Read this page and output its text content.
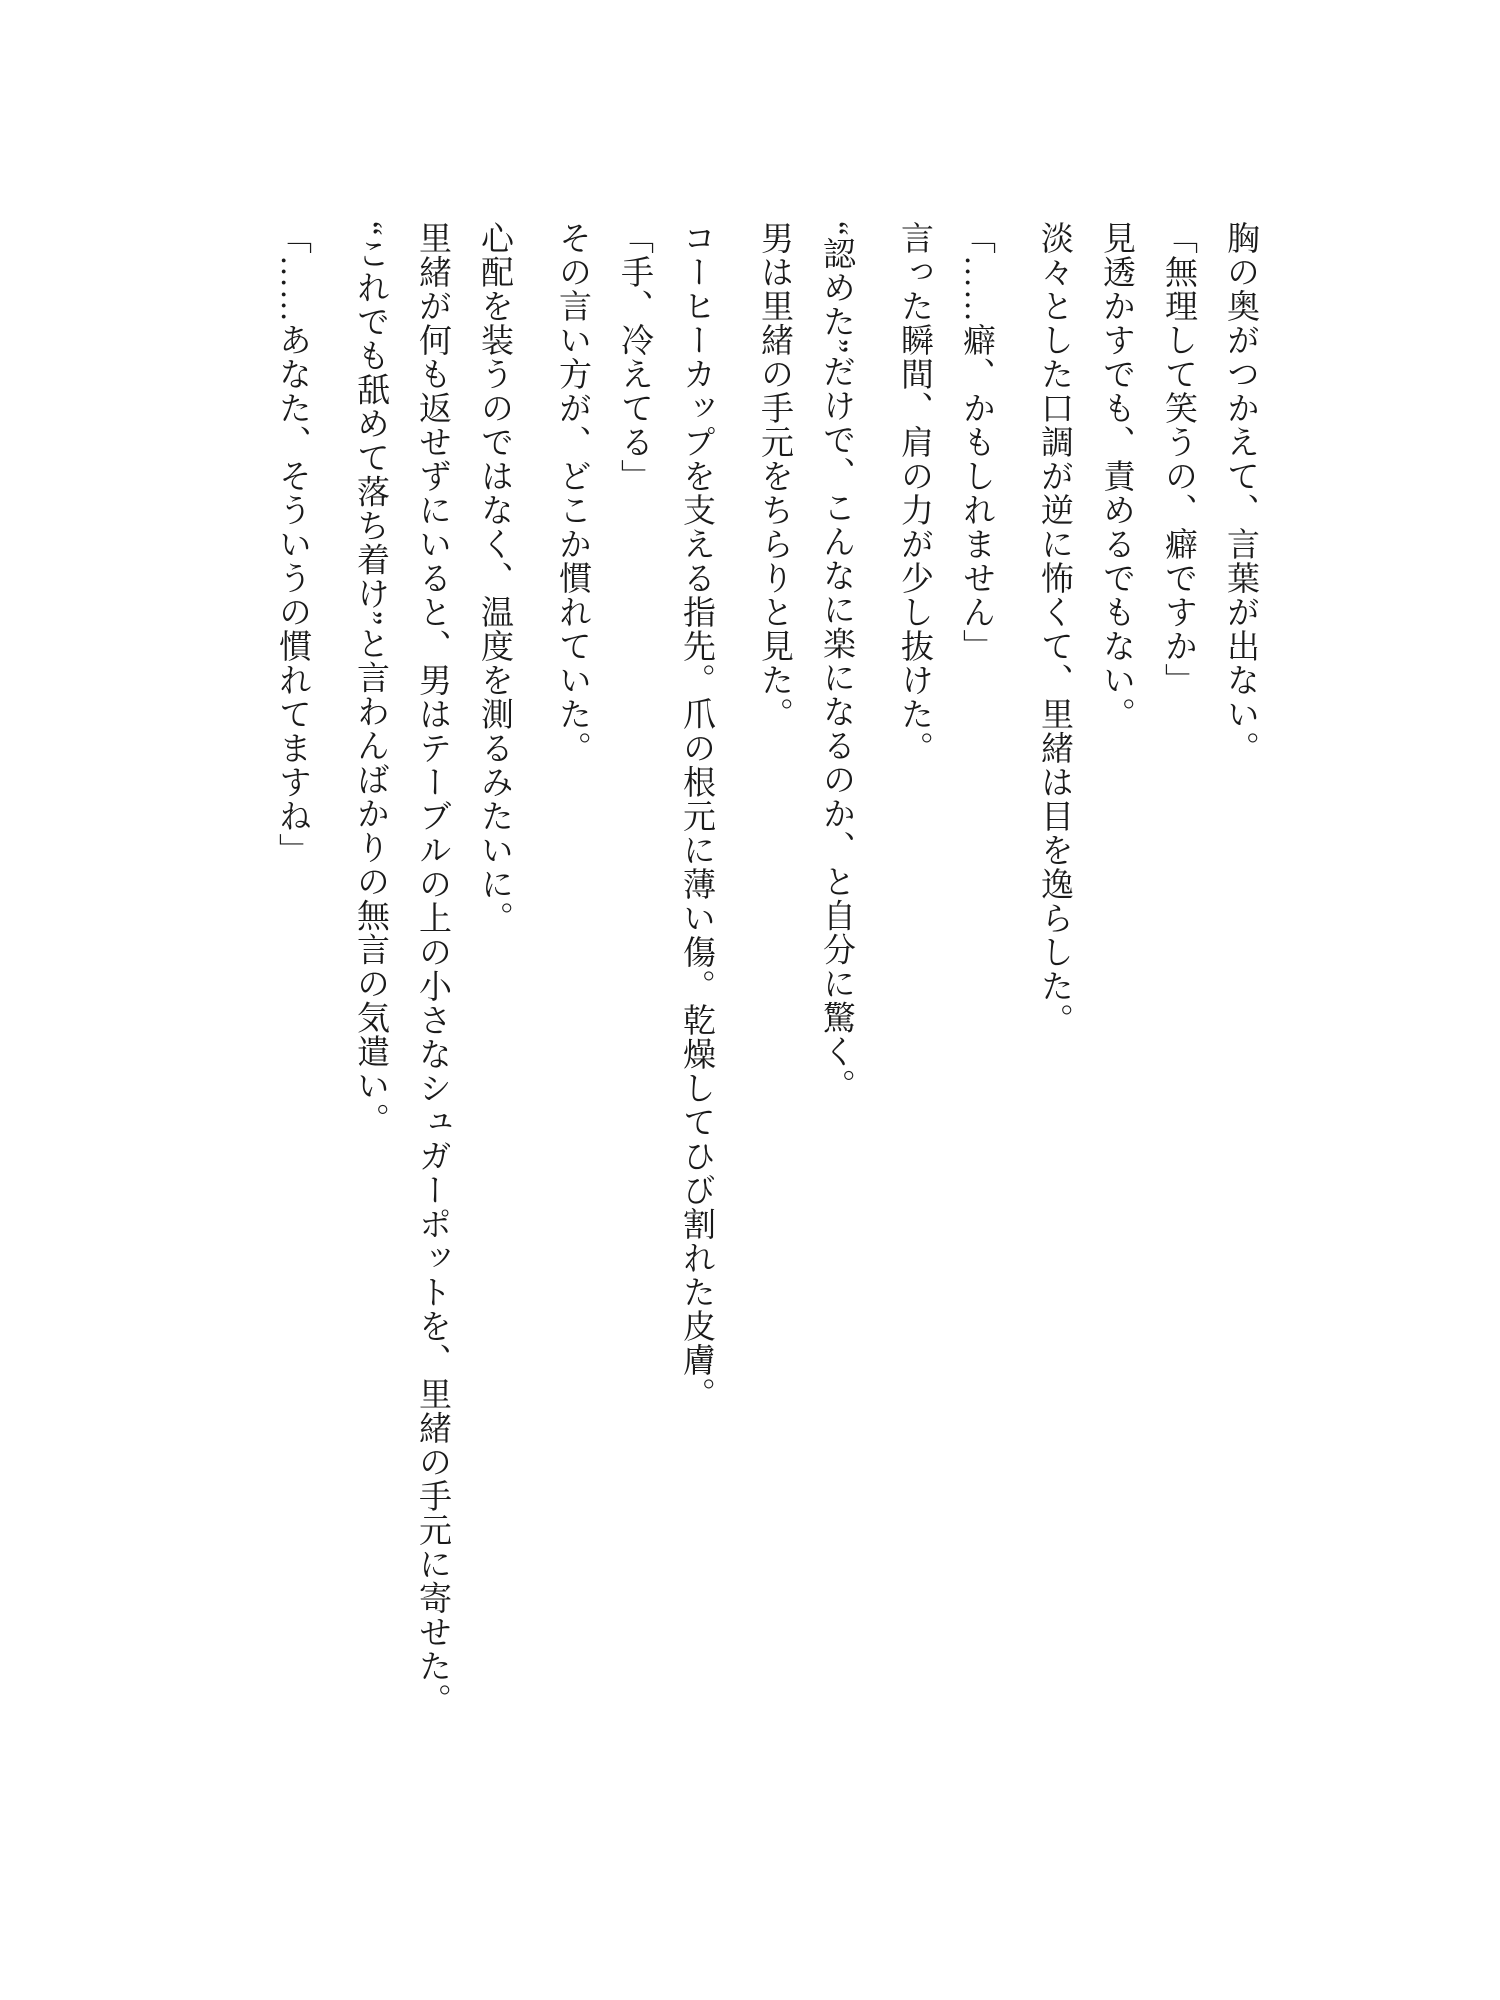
胸の奥がつかえて、言葉が出ない。
「無理して笑うの、癖ですか」
見透かすでも、責めるでもない。
淡々とした口調が逆に怖くて、里緒は目を逸らした。
「……癖、かもしれません」
言った瞬間、肩の力が少し抜けた。
“認めた”だけで、こんなに楽になるのか、と自分に驚く。
男は里緒の手元をちらりと見た。
コーヒーカップを支える指先。爪の根元に薄い傷。乾燥してひび割れた皮膚。
「手、冷えてる」
その言い方が、どこか慣れていた。
心配を装うのではなく、温度を測るみたいに。
里緒が何も返せずにいると、男はテーブルの上の小さなシュガーポットを、里緒の手元に寄せた。
“これでも舐めて落ち着け”と言わんばかりの無言の気遣い。
「……あなた、そういうの慣れてますね」
